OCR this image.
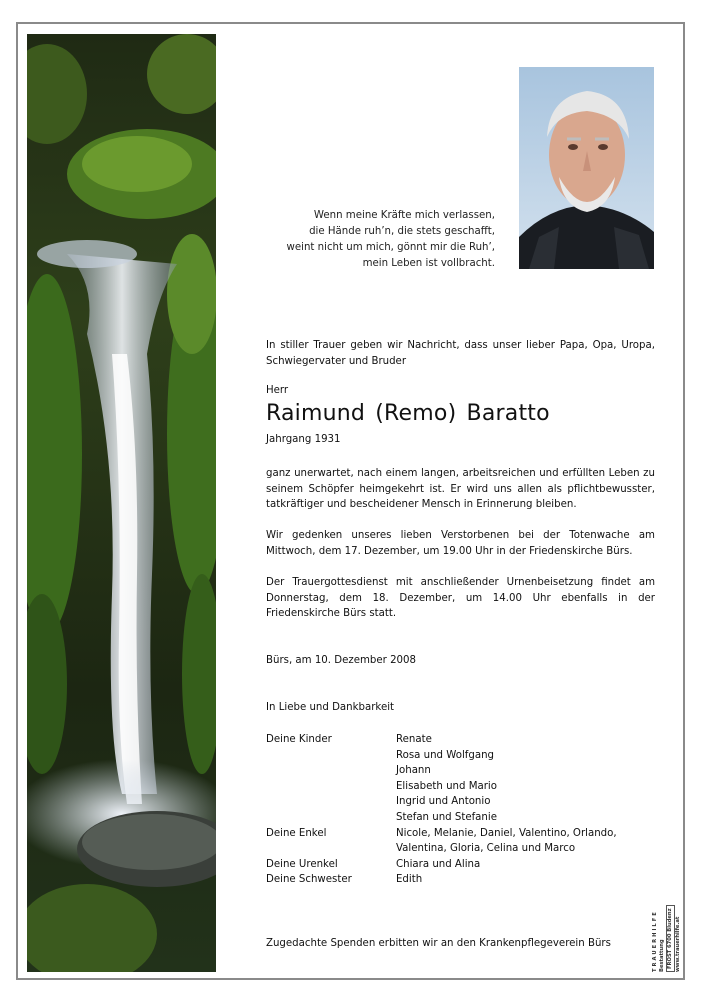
Wenn meine Kräfte mich verlassen,
die Hände ruh’n, die stets geschafft,
weint nicht um mich, gönnt mir die Ruh’,
mein Leben ist vollbracht.
In stiller Trauer geben wir Nachricht, dass unser lieber Papa, Opa, Uropa, Schwiegervater und Bruder
Herr
Raimund (Remo) Baratto
Jahrgang 1931
ganz unerwartet, nach einem langen, arbeitsreichen und erfüllten Leben zu seinem Schöpfer heimgekehrt ist. Er wird uns allen als pflichtbewusster, tatkräftiger und bescheidener Mensch in Erinnerung bleiben.
Wir gedenken unseres lieben Verstorbenen bei der Totenwache am Mittwoch, dem 17. Dezember, um 19.00 Uhr in der Friedenskirche Bürs.
Der Trauergottesdienst mit anschließender Urnenbeisetzung findet am Donnerstag, dem 18. Dezember, um 14.00 Uhr ebenfalls in der Friedenskirche Bürs statt.
Bürs, am 10. Dezember 2008
In Liebe und Dankbarkeit
Deine Kinder	Renate
Rosa und Wolfgang
Johann
Elisabeth und Mario
Ingrid und Antonio
Stefan und Stefanie
Deine Enkel	Nicole, Melanie, Daniel, Valentino, Orlando,
Valentina, Gloria, Celina und Marco
Deine Urenkel	Chiara und Alina
Deine Schwester	Edith
Zugedachte Spenden erbitten wir an den Krankenpflegeverein Bürs	TRAUERHILFE Bestattung FROST 6700 Bludenz www.trauerhilfe.at
